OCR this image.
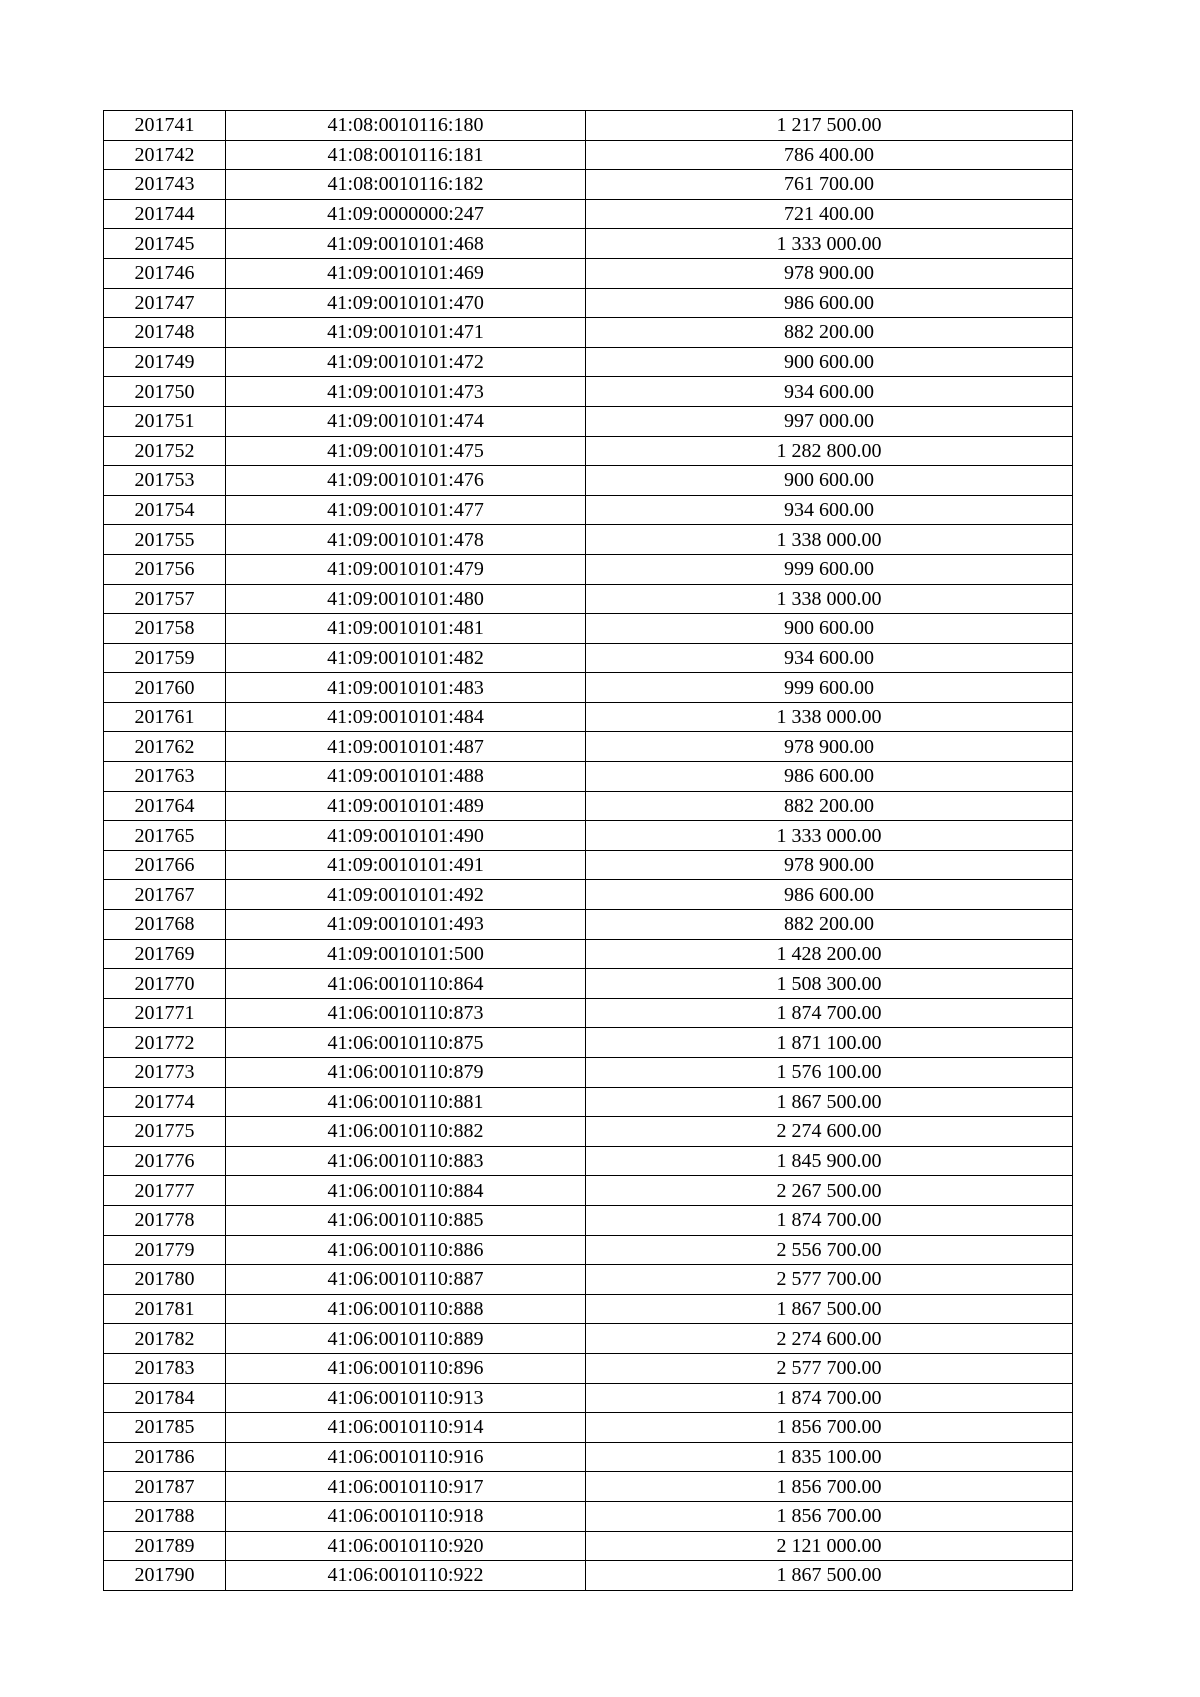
201741	41:08:0010116:180	1 217 500.00
201742	41:08:0010116:181	786 400.00
201743	41:08:0010116:182	761 700.00
201744	41:09:0000000:247	721 400.00
201745	41:09:0010101:468	1 333 000.00
201746	41:09:0010101:469	978 900.00
201747	41:09:0010101:470	986 600.00
201748	41:09:0010101:471	882 200.00
201749	41:09:0010101:472	900 600.00
201750	41:09:0010101:473	934 600.00
201751	41:09:0010101:474	997 000.00
201752	41:09:0010101:475	1 282 800.00
201753	41:09:0010101:476	900 600.00
201754	41:09:0010101:477	934 600.00
201755	41:09:0010101:478	1 338 000.00
201756	41:09:0010101:479	999 600.00
201757	41:09:0010101:480	1 338 000.00
201758	41:09:0010101:481	900 600.00
201759	41:09:0010101:482	934 600.00
201760	41:09:0010101:483	999 600.00
201761	41:09:0010101:484	1 338 000.00
201762	41:09:0010101:487	978 900.00
201763	41:09:0010101:488	986 600.00
201764	41:09:0010101:489	882 200.00
201765	41:09:0010101:490	1 333 000.00
201766	41:09:0010101:491	978 900.00
201767	41:09:0010101:492	986 600.00
201768	41:09:0010101:493	882 200.00
201769	41:09:0010101:500	1 428 200.00
201770	41:06:0010110:864	1 508 300.00
201771	41:06:0010110:873	1 874 700.00
201772	41:06:0010110:875	1 871 100.00
201773	41:06:0010110:879	1 576 100.00
201774	41:06:0010110:881	1 867 500.00
201775	41:06:0010110:882	2 274 600.00
201776	41:06:0010110:883	1 845 900.00
201777	41:06:0010110:884	2 267 500.00
201778	41:06:0010110:885	1 874 700.00
201779	41:06:0010110:886	2 556 700.00
201780	41:06:0010110:887	2 577 700.00
201781	41:06:0010110:888	1 867 500.00
201782	41:06:0010110:889	2 274 600.00
201783	41:06:0010110:896	2 577 700.00
201784	41:06:0010110:913	1 874 700.00
201785	41:06:0010110:914	1 856 700.00
201786	41:06:0010110:916	1 835 100.00
201787	41:06:0010110:917	1 856 700.00
201788	41:06:0010110:918	1 856 700.00
201789	41:06:0010110:920	2 121 000.00
201790	41:06:0010110:922	1 867 500.00
